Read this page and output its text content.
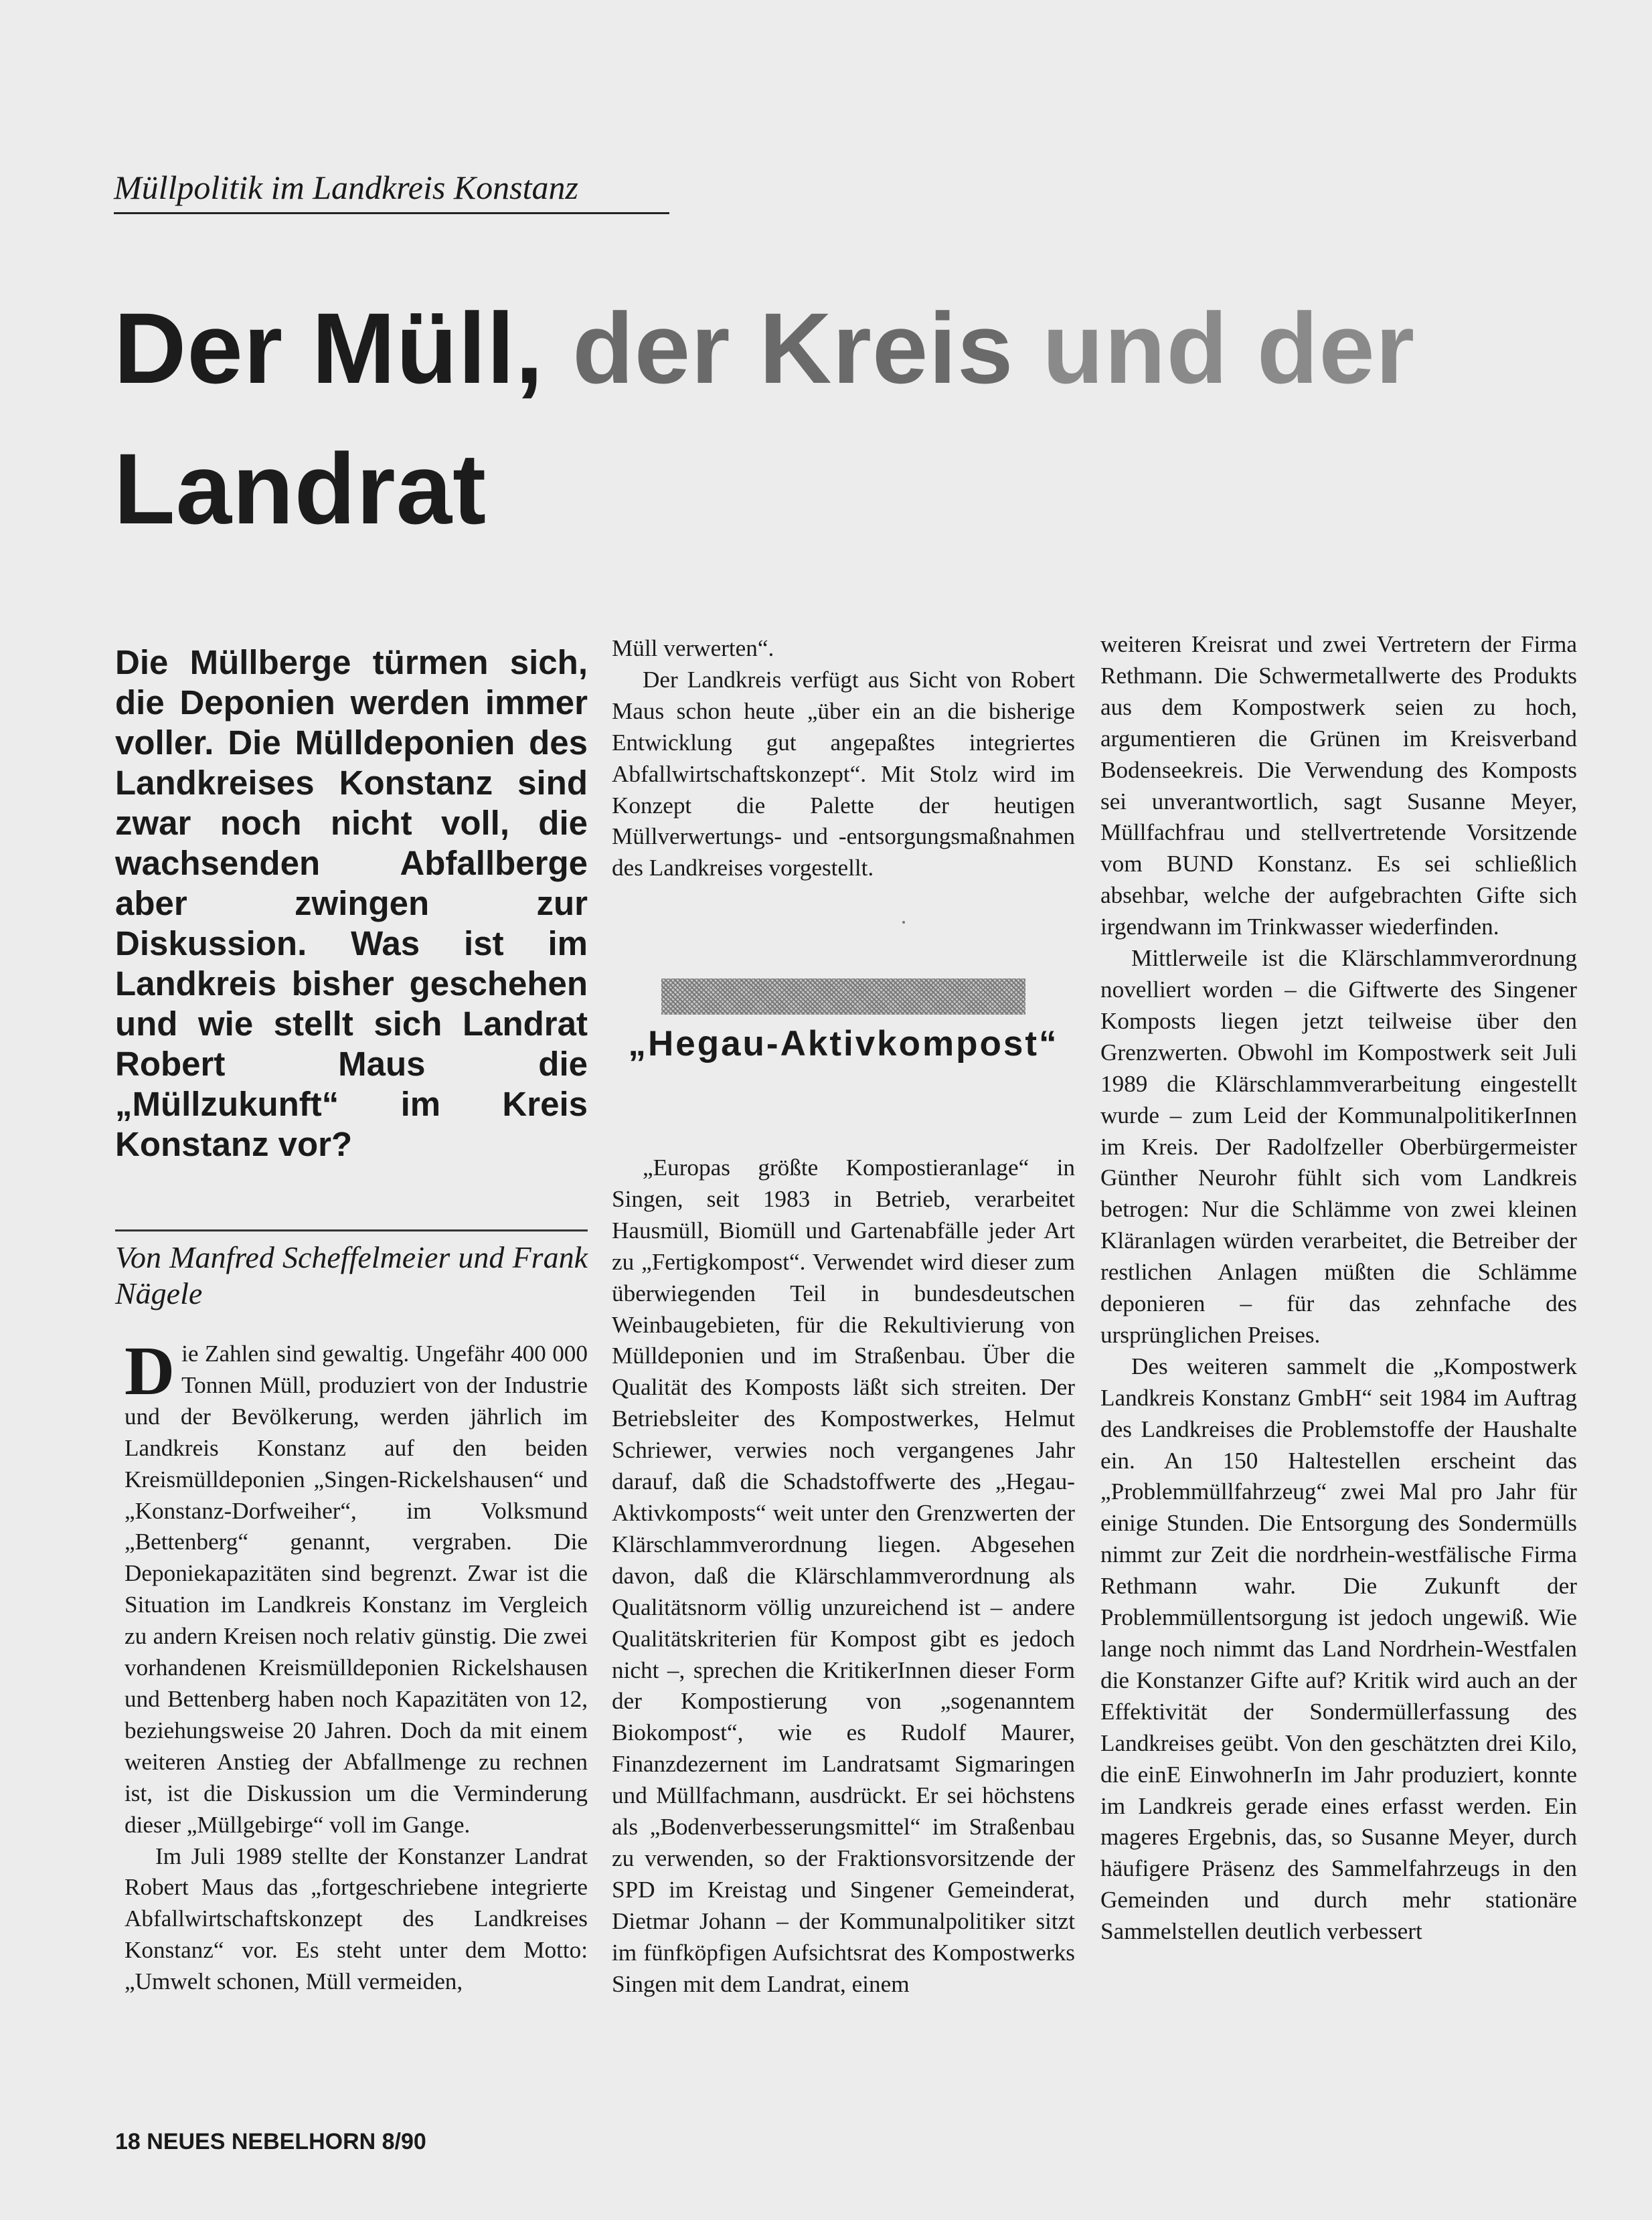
Müllpolitik im Landkreis Konstanz
Der Müll, der Kreis und der
Landrat
Die Müllberge türmen sich, die Deponien werden immer voller. Die Mülldeponien des Landkreises Konstanz sind zwar noch nicht voll, die wachsenden Abfallberge aber zwingen zur Diskussion. Was ist im Landkreis bisher geschehen und wie stellt sich Landrat Robert Maus die „Müllzukunft“ im Kreis Konstanz vor?
Von Manfred Scheffelmeier und Frank Nägele

Die Zahlen sind gewaltig. Ungefähr 400 000 Tonnen Müll, produziert von der Industrie und der Bevölkerung, werden jährlich im Landkreis Konstanz auf den beiden Kreismülldeponien „Singen-Rickelshausen“ und „Konstanz-Dorfweiher“, im Volksmund „Bettenberg“ genannt, vergraben. Die Deponiekapazitäten sind begrenzt. Zwar ist die Situation im Landkreis Konstanz im Vergleich zu andern Kreisen noch relativ günstig. Die zwei vorhandenen Kreismülldeponien Rickelshausen und Bettenberg haben noch Kapazitäten von 12, beziehungsweise 20 Jahren. Doch da mit einem weiteren Anstieg der Abfallmenge zu rechnen ist, ist die Diskussion um die Verminderung dieser „Müllgebirge“ voll im Gange.

Im Juli 1989 stellte der Konstanzer Landrat Robert Maus das „fortgeschriebene integrierte Abfallwirtschaftskonzept des Landkreises Konstanz“ vor. Es steht unter dem Motto: „Umwelt schonen, Müll vermeiden,

Müll verwerten“.

Der Landkreis verfügt aus Sicht von Robert Maus schon heute „über ein an die bisherige Entwicklung gut angepaßtes integriertes Abfallwirtschaftskonzept“. Mit Stolz wird im Konzept die Palette der heutigen Müllverwertungs- und -entsorgungsmaßnahmen des Landkreises vorgestellt.

„Hegau-Aktivkompost“

„Europas größte Kompostieranlage“ in Singen, seit 1983 in Betrieb, verarbeitet Hausmüll, Biomüll und Gartenabfälle jeder Art zu „Fertigkompost“. Verwendet wird dieser zum überwiegenden Teil in bundesdeutschen Weinbaugebieten, für die Rekultivierung von Mülldeponien und im Straßenbau. Über die Qualität des Komposts läßt sich streiten. Der Betriebsleiter des Kompostwerkes, Helmut Schriewer, verwies noch vergangenes Jahr darauf, daß die Schadstoffwerte des „Hegau-Aktivkomposts“ weit unter den Grenzwerten der Klärschlammverordnung liegen. Abgesehen davon, daß die Klärschlammverordnung als Qualitätsnorm völlig unzureichend ist – andere Qualitätskriterien für Kompost gibt es jedoch nicht –, sprechen die KritikerInnen dieser Form der Kompostierung von „sogenanntem Biokompost“, wie es Rudolf Maurer, Finanzdezernent im Landratsamt Sigmaringen und Müllfachmann, ausdrückt. Er sei höchstens als „Bodenverbesserungsmittel“ im Straßenbau zu verwenden, so der Fraktionsvorsitzende der SPD im Kreistag und Singener Gemeinderat, Dietmar Johann – der Kommunalpolitiker sitzt im fünfköpfigen Aufsichtsrat des Kompostwerks Singen mit dem Landrat, einem

weiteren Kreisrat und zwei Vertretern der Firma Rethmann. Die Schwermetallwerte des Produkts aus dem Kompostwerk seien zu hoch, argumentieren die Grünen im Kreisverband Bodenseekreis. Die Verwendung des Komposts sei unverantwortlich, sagt Susanne Meyer, Müllfachfrau und stellvertretende Vorsitzende vom BUND Konstanz. Es sei schließlich absehbar, welche der aufgebrachten Gifte sich irgendwann im Trinkwasser wiederfinden.

Mittlerweile ist die Klärschlammverordnung novelliert worden – die Giftwerte des Singener Komposts liegen jetzt teilweise über den Grenzwerten. Obwohl im Kompostwerk seit Juli 1989 die Klärschlammverarbeitung eingestellt wurde – zum Leid der KommunalpolitikerInnen im Kreis. Der Radolfzeller Oberbürgermeister Günther Neurohr fühlt sich vom Landkreis betrogen: Nur die Schlämme von zwei kleinen Kläranlagen würden verarbeitet, die Betreiber der restlichen Anlagen müßten die Schlämme deponieren – für das zehnfache des ursprünglichen Preises.

Des weiteren sammelt die „Kompostwerk Landkreis Konstanz GmbH“ seit 1984 im Auftrag des Landkreises die Problemstoffe der Haushalte ein. An 150 Haltestellen erscheint das „Problemmüllfahrzeug“ zwei Mal pro Jahr für einige Stunden. Die Entsorgung des Sondermülls nimmt zur Zeit die nordrhein-westfälische Firma Rethmann wahr. Die Zukunft der Problemmüllentsorgung ist jedoch ungewiß. Wie lange noch nimmt das Land Nordrhein-Westfalen die Konstanzer Gifte auf? Kritik wird auch an der Effektivität der Sondermüllerfassung des Landkreises geübt. Von den geschätzten drei Kilo, die einE EinwohnerIn im Jahr produziert, konnte im Landkreis gerade eines erfasst werden. Ein mageres Ergebnis, das, so Susanne Meyer, durch häufigere Präsenz des Sammelfahrzeugs in den Gemeinden und durch mehr stationäre Sammelstellen deutlich verbessert

18 NEUES NEBELHORN 8/90
